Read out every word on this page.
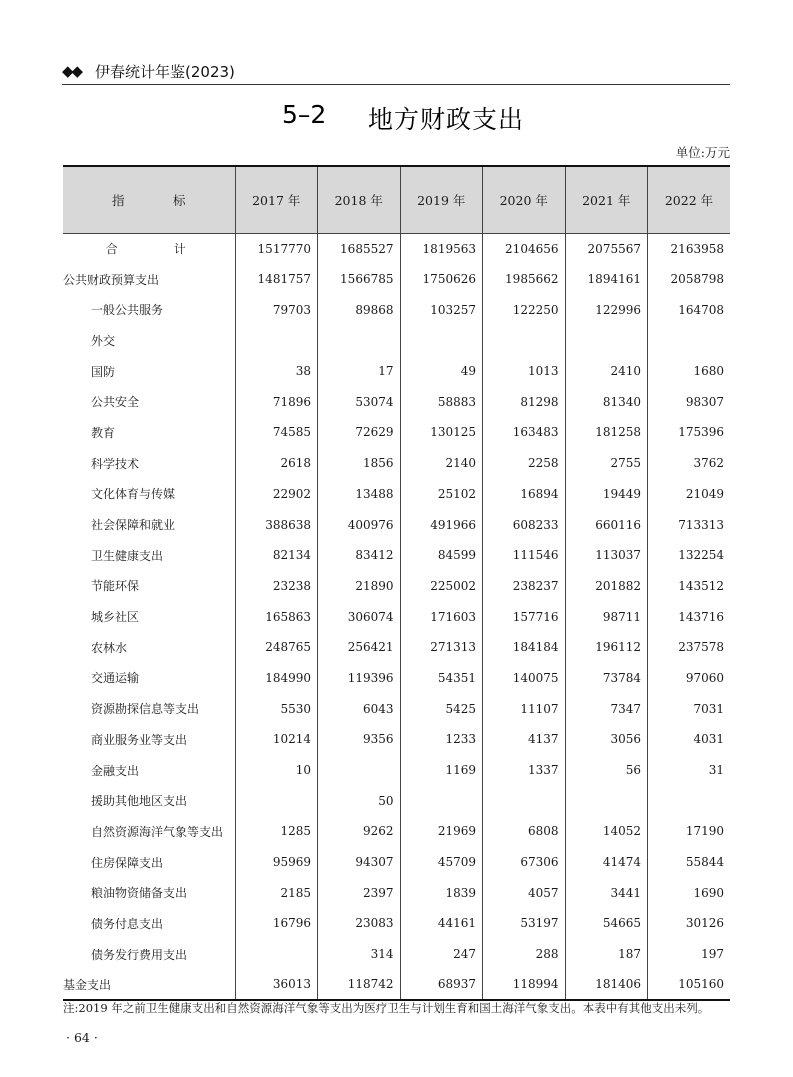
◆◆ 伊春统计年鉴(2023)
5–2 地方财政支出
单位:万元
指　标	2017 年	2018 年	2019 年	2020 年	2021 年	2022 年
合　计	1517770	1685527	1819563	2104656	2075567	2163958
公共财政预算支出	1481757	1566785	1750626	1985662	1894161	2058798
一般公共服务	79703	89868	103257	122250	122996	164708
外交						
国防	38	17	49	1013	2410	1680
公共安全	71896	53074	58883	81298	81340	98307
教育	74585	72629	130125	163483	181258	175396
科学技术	2618	1856	2140	2258	2755	3762
文化体育与传媒	22902	13488	25102	16894	19449	21049
社会保障和就业	388638	400976	491966	608233	660116	713313
卫生健康支出	82134	83412	84599	111546	113037	132254
节能环保	23238	21890	225002	238237	201882	143512
城乡社区	165863	306074	171603	157716	98711	143716
农林水	248765	256421	271313	184184	196112	237578
交通运输	184990	119396	54351	140075	73784	97060
资源勘探信息等支出	5530	6043	5425	11107	7347	7031
商业服务业等支出	10214	9356	1233	4137	3056	4031
金融支出	10		1169	1337	56	31
援助其他地区支出		50				
自然资源海洋气象等支出	1285	9262	21969	6808	14052	17190
住房保障支出	95969	94307	45709	67306	41474	55844
粮油物资储备支出	2185	2397	1839	4057	3441	1690
债务付息支出	16796	23083	44161	53197	54665	30126
债务发行费用支出		314	247	288	187	197
基金支出	36013	118742	68937	118994	181406	105160
注:2019 年之前卫生健康支出和自然资源海洋气象等支出为医疗卫生与计划生育和国土海洋气象支出。本表中有其他支出未列。
· 64 ·
